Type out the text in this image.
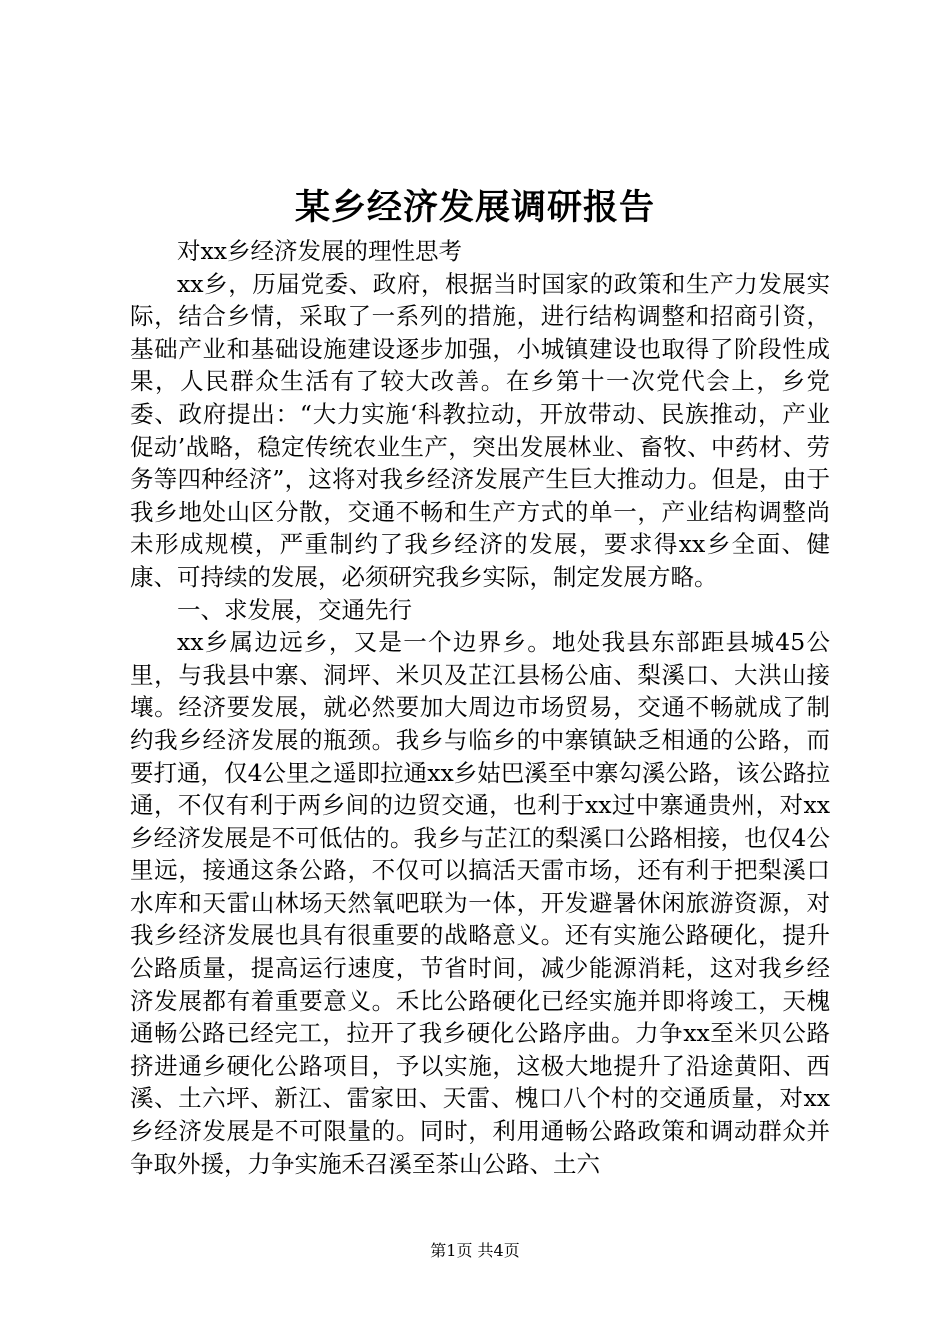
某乡经济发展调研报告

对xx乡经济发展的理性思考

xx乡，历届党委、政府，根据当时国家的政策和生产力发展实际，结合乡情，采取了一系列的措施，进行结构调整和招商引资，基础产业和基础设施建设逐步加强，小城镇建设也取得了阶段性成果，人民群众生活有了较大改善。在乡第十一次党代会上，乡党委、政府提出：“大力实施‘科教拉动，开放带动、民族推动，产业促动’战略，稳定传统农业生产，突出发展林业、畜牧、中药材、劳务等四种经济”，这将对我乡经济发展产生巨大推动力。但是，由于我乡地处山区分散，交通不畅和生产方式的单一，产业结构调整尚未形成规模，严重制约了我乡经济的发展，要求得xx乡全面、健康、可持续的发展，必须研究我乡实际，制定发展方略。

一、求发展，交通先行

xx乡属边远乡，又是一个边界乡。地处我县东部距县城45公里，与我县中寨、洞坪、米贝及芷江县杨公庙、梨溪口、大洪山接壤。经济要发展，就必然要加大周边市场贸易，交通不畅就成了制约我乡经济发展的瓶颈。我乡与临乡的中寨镇缺乏相通的公路，而要打通，仅4公里之遥即拉通xx乡姑巴溪至中寨勾溪公路，该公路拉通，不仅有利于两乡间的边贸交通，也利于xx过中寨通贵州，对xx乡经济发展是不可低估的。我乡与芷江的梨溪口公路相接，也仅4公里远，接通这条公路，不仅可以搞活天雷市场，还有利于把梨溪口水库和天雷山林场天然氧吧联为一体，开发避暑休闲旅游资源，对我乡经济发展也具有很重要的战略意义。还有实施公路硬化，提升公路质量，提高运行速度，节省时间，减少能源消耗，这对我乡经济发展都有着重要意义。禾比公路硬化已经实施并即将竣工，天槐通畅公路已经完工，拉开了我乡硬化公路序曲。力争xx至米贝公路挤进通乡硬化公路项目，予以实施，这极大地提升了沿途黄阳、西溪、土六坪、新江、雷家田、天雷、槐口八个村的交通质量，对xx乡经济发展是不可限量的。同时，利用通畅公路政策和调动群众并争取外援，力争实施禾召溪至茶山公路、土六

第1页 共4页
